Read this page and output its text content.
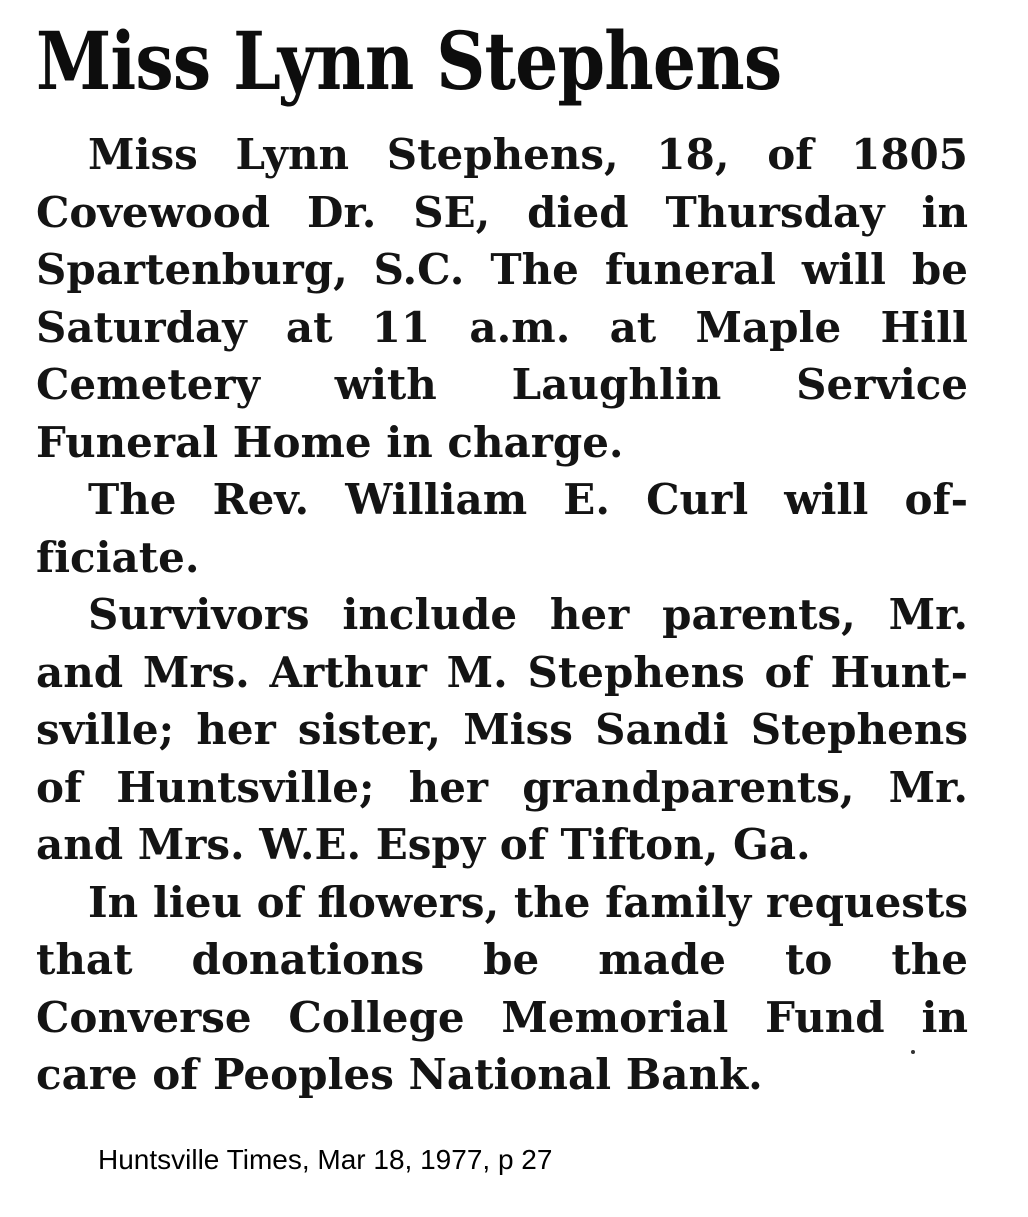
Miss Lynn Stephens

Miss Lynn Stephens, 18, of 1805 Covewood Dr. SE, died Thursday in Spartenburg, S.C. The funeral will be Saturday at 11 a.m. at Maple Hill Cemetery with Laughlin Service Funeral Home in charge.

The Rev. William E. Curl will officiate.

Survivors include her parents, Mr. and Mrs. Arthur M. Stephens of Huntsville; her sister, Miss Sandi Stephens of Huntsville; her grandparents, Mr. and Mrs. W.E. Espy of Tifton, Ga.

In lieu of flowers, the family requests that donations be made to the Converse College Memorial Fund in care of Peoples National Bank.

Huntsville Times, Mar 18, 1977, p 27
